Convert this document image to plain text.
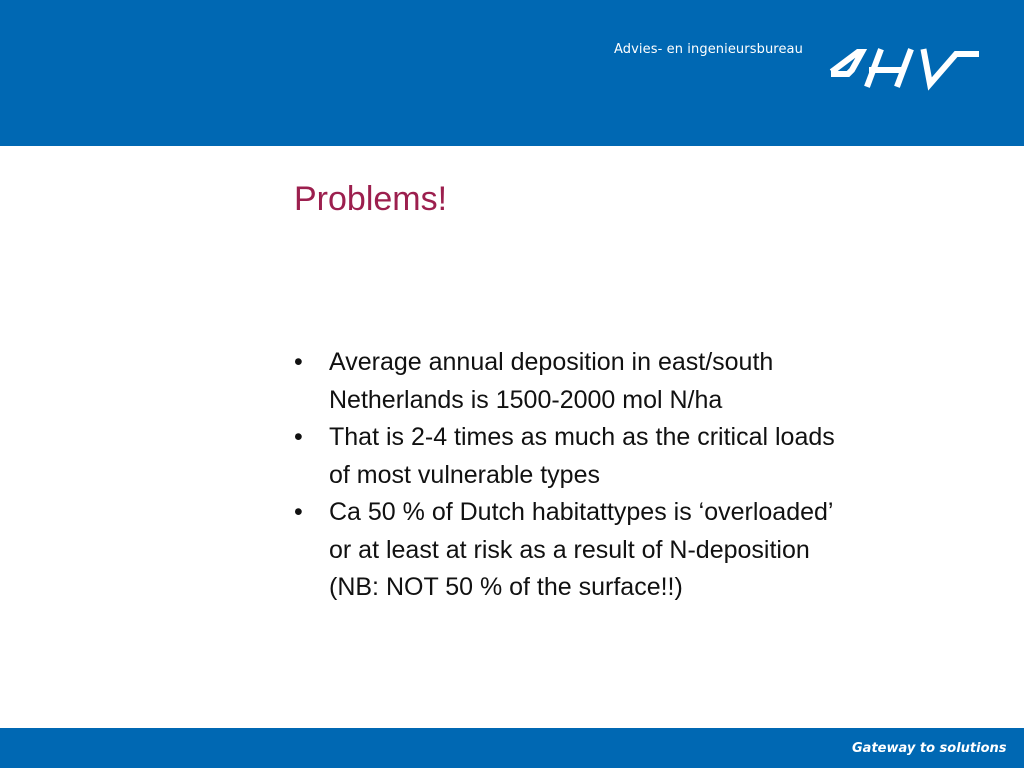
Advies- en ingenieursbureau
Problems!
• Average annual deposition in east/south
Netherlands is 1500-2000 mol N/ha
• That is 2-4 times as much as the critical loads
of most vulnerable types
• Ca 50 % of Dutch habitattypes is ‘overloaded’
or at least at risk as a result of N-deposition
(NB: NOT 50 % of the surface!!)
Gateway to solutions
